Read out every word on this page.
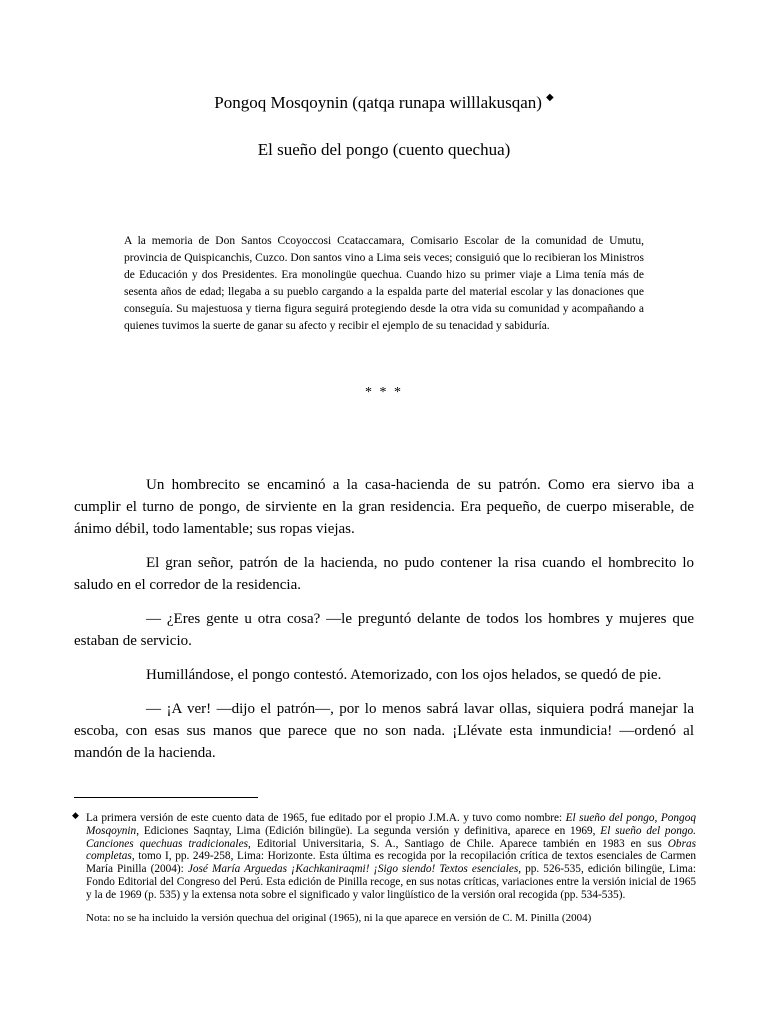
Pongoq Mosqoynin (qatqa runapa willlakusqan) ◆
El sueño del pongo (cuento quechua)

A la memoria de Don Santos Ccoyoccosi Ccataccamara, Comisario Escolar de la comunidad de Umutu, provincia de Quispicanchis, Cuzco. Don santos vino a Lima seis veces; consiguió que lo recibieran los Ministros de Educación y dos Presidentes. Era monolingüe quechua. Cuando hizo su primer viaje a Lima tenía más de sesenta años de edad; llegaba a su pueblo cargando a la espalda parte del material escolar y las donaciones que conseguía. Su majestuosa y tierna figura seguirá protegiendo desde la otra vida su comunidad y acompañando a quienes tuvimos la suerte de ganar su afecto y recibir el ejemplo de su tenacidad y sabiduría.

* * *

Un hombrecito se encaminó a la casa-hacienda de su patrón. Como era siervo iba a cumplir el turno de pongo, de sirviente en la gran residencia. Era pequeño, de cuerpo miserable, de ánimo débil, todo lamentable; sus ropas viejas.

El gran señor, patrón de la hacienda, no pudo contener la risa cuando el hombrecito lo saludo en el corredor de la residencia.

— ¿Eres gente u otra cosa? —le preguntó delante de todos los hombres y mujeres que estaban de servicio.

Humillándose, el pongo contestó. Atemorizado, con los ojos helados, se quedó de pie.

— ¡A ver! —dijo el patrón—, por lo menos sabrá lavar ollas, siquiera podrá manejar la escoba, con esas sus manos que parece que no son nada. ¡Llévate esta inmundicia! —ordenó al mandón de la hacienda.

◆ La primera versión de este cuento data de 1965, fue editado por el propio J.M.A. y tuvo como nombre: El sueño del pongo, Pongoq Mosqoynin, Ediciones Saqntay, Lima (Edición bilingüe). La segunda versión y definitiva, aparece en 1969, El sueño del pongo. Canciones quechuas tradicionales, Editorial Universitaria, S. A., Santiago de Chile. Aparece también en 1983 en sus Obras completas, tomo I, pp. 249-258, Lima: Horizonte. Esta última es recogida por la recopilación crítica de textos esenciales de Carmen María Pinilla (2004): José María Arguedas ¡Kachkaniraqmi! ¡Sigo siendo! Textos esenciales, pp. 526-535, edición bilingüe, Lima: Fondo Editorial del Congreso del Perú. Esta edición de Pinilla recoge, en sus notas críticas, variaciones entre la versión inicial de 1965 y la de 1969 (p. 535) y la extensa nota sobre el significado y valor lingüístico de la versión oral recogida (pp. 534-535).

Nota: no se ha incluido la versión quechua del original (1965), ni la que aparece en versión de C. M. Pinilla (2004)
